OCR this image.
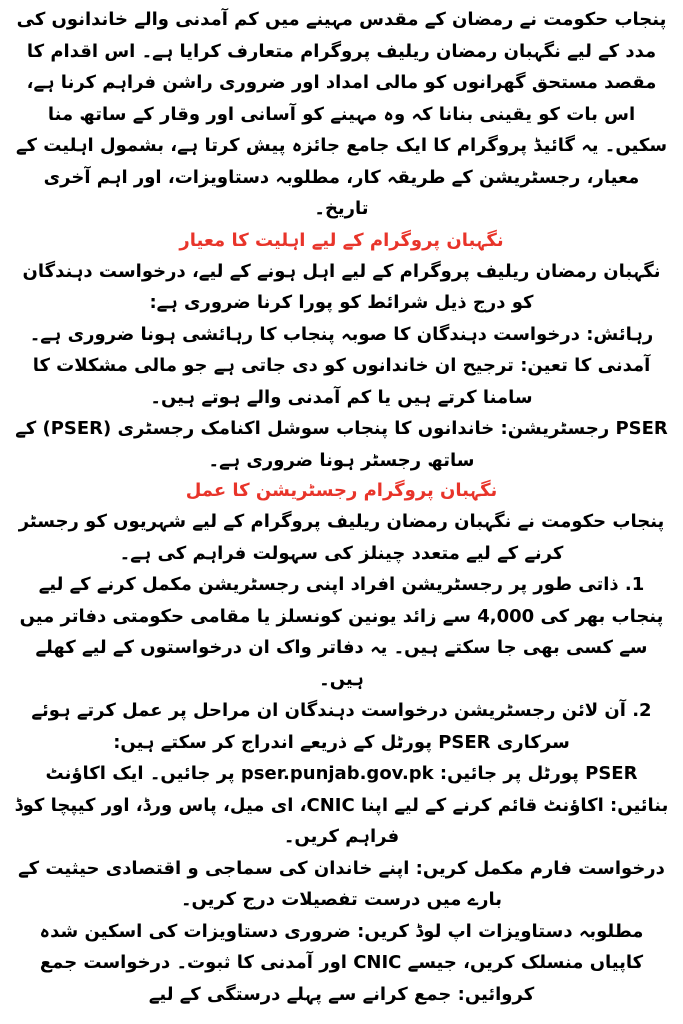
پنجاب حکومت نے رمضان کے مقدس مہینے میں کم آمدنی والے خاندانوں کی مدد کے لیے نگہبان رمضان ریلیف پروگرام متعارف کرایا ہے۔ اس اقدام کا مقصد مستحق گھرانوں کو مالی امداد اور ضروری راشن فراہم کرنا ہے، اس بات کو یقینی بنانا کہ وہ مہینے کو آسانی اور وقار کے ساتھ منا سکیں۔ یہ گائیڈ پروگرام کا ایک جامع جائزہ پیش کرتا ہے، بشمول اہلیت کے معیار، رجسٹریشن کے طریقہ کار، مطلوبہ دستاویزات، اور اہم آخری تاریخ۔

نگہبان پروگرام کے لیے اہلیت کا معیار

نگہبان رمضان ریلیف پروگرام کے لیے اہل ہونے کے لیے، درخواست دہندگان کو درج ذیل شرائط کو پورا کرنا ضروری ہے:

رہائش: درخواست دہندگان کا صوبہ پنجاب کا رہائشی ہونا ضروری ہے۔

آمدنی کا تعین: ترجیح ان خاندانوں کو دی جاتی ہے جو مالی مشکلات کا سامنا کرتے ہیں یا کم آمدنی والے ہوتے ہیں۔

PSER رجسٹریشن: خاندانوں کا پنجاب سوشل اکنامک رجسٹری (PSER) کے ساتھ رجسٹر ہونا ضروری ہے۔

نگہبان پروگرام رجسٹریشن کا عمل

پنجاب حکومت نے نگہبان رمضان ریلیف پروگرام کے لیے شہریوں کو رجسٹر کرنے کے لیے متعدد چینلز کی سہولت فراہم کی ہے۔

1. ذاتی طور پر رجسٹریشن افراد اپنی رجسٹریشن مکمل کرنے کے لیے پنجاب بھر کی 4,000 سے زائد یونین کونسلز یا مقامی حکومتی دفاتر میں سے کسی بھی جا سکتے ہیں۔ یہ دفاتر واک ان درخواستوں کے لیے کھلے ہیں۔

2. آن لائن رجسٹریشن درخواست دہندگان ان مراحل پر عمل کرتے ہوئے سرکاری PSER پورٹل کے ذریعے اندراج کر سکتے ہیں:

PSER پورٹل پر جائیں: pser.punjab.gov.pk پر جائیں۔ ایک اکاؤنٹ بنائیں: اکاؤنٹ قائم کرنے کے لیے اپنا CNIC، ای میل، پاس ورڈ، اور کیپچا کوڈ فراہم کریں۔

درخواست فارم مکمل کریں: اپنے خاندان کی سماجی و اقتصادی حیثیت کے بارے میں درست تفصیلات درج کریں۔

مطلوبہ دستاویزات اپ لوڈ کریں: ضروری دستاویزات کی اسکین شدہ کاپیاں منسلک کریں، جیسے CNIC اور آمدنی کا ثبوت۔ درخواست جمع کروائیں: جمع کرانے سے پہلے درستگی کے لیے
